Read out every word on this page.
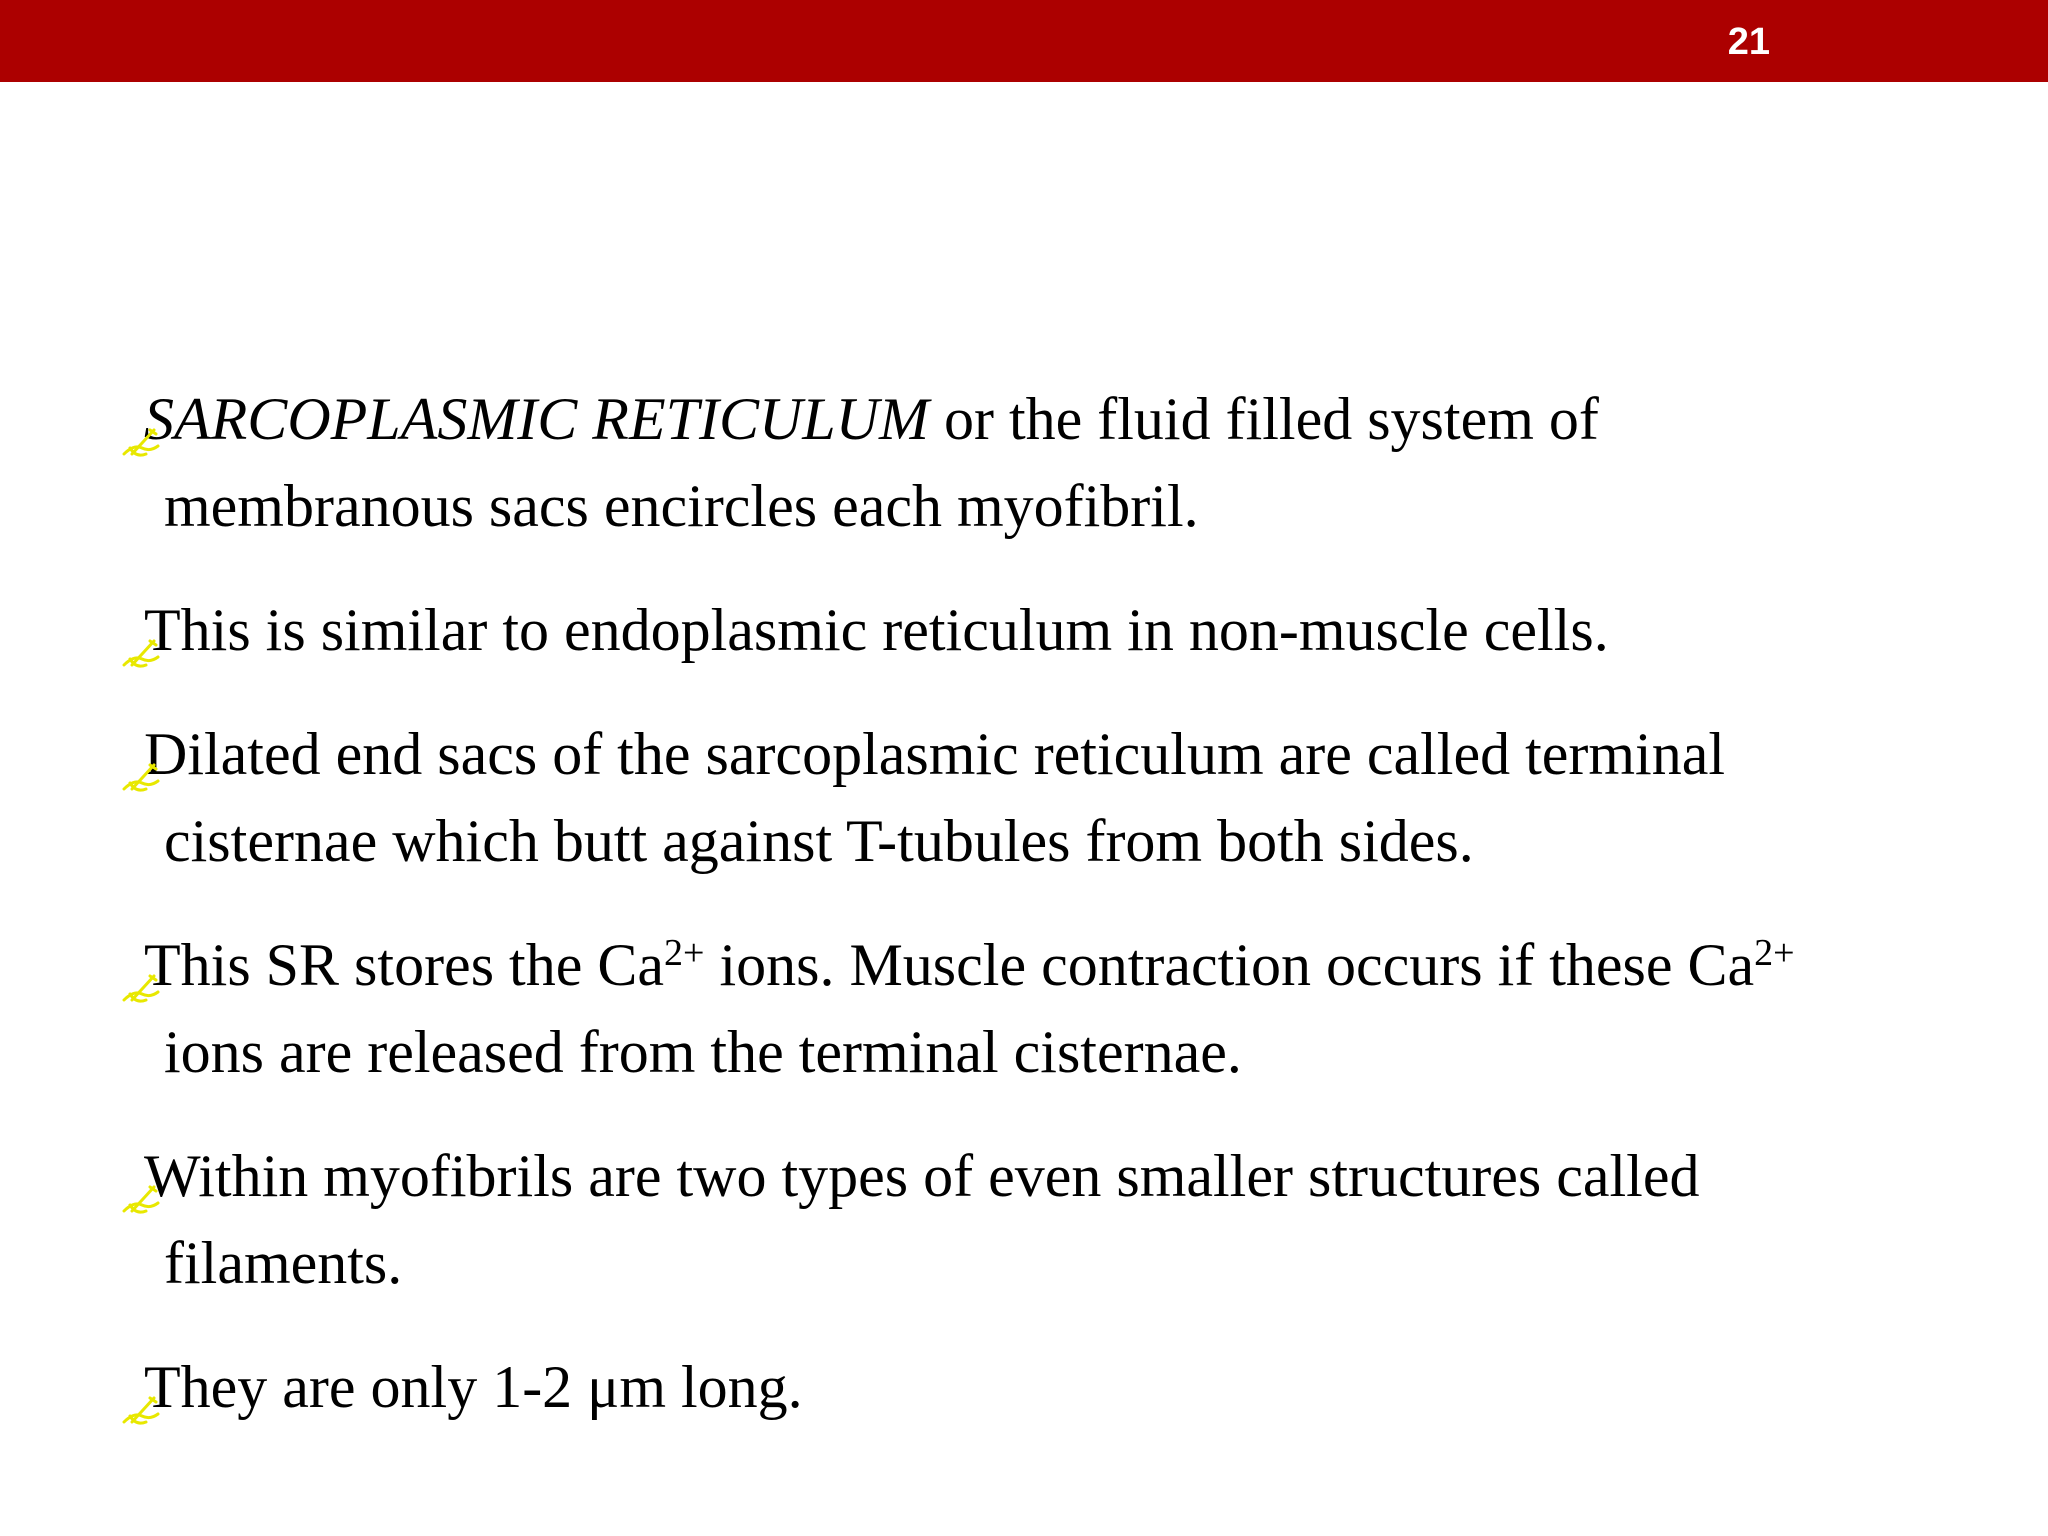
21
SARCOPLASMIC RETICULUM or the fluid filled system of
membranous sacs encircles each myofibril.
This is similar to endoplasmic reticulum in non-muscle cells.
Dilated end sacs of the sarcoplasmic reticulum are called terminal
cisternae which butt against T-tubules from both sides.
This SR stores the $Ca^{2+}$ ions. Muscle contraction occurs if these $Ca^{2+}$
ions are released from the terminal cisternae.
Within myofibrils are two types of even smaller structures called
filaments.
They are only 1-2 μm long.
